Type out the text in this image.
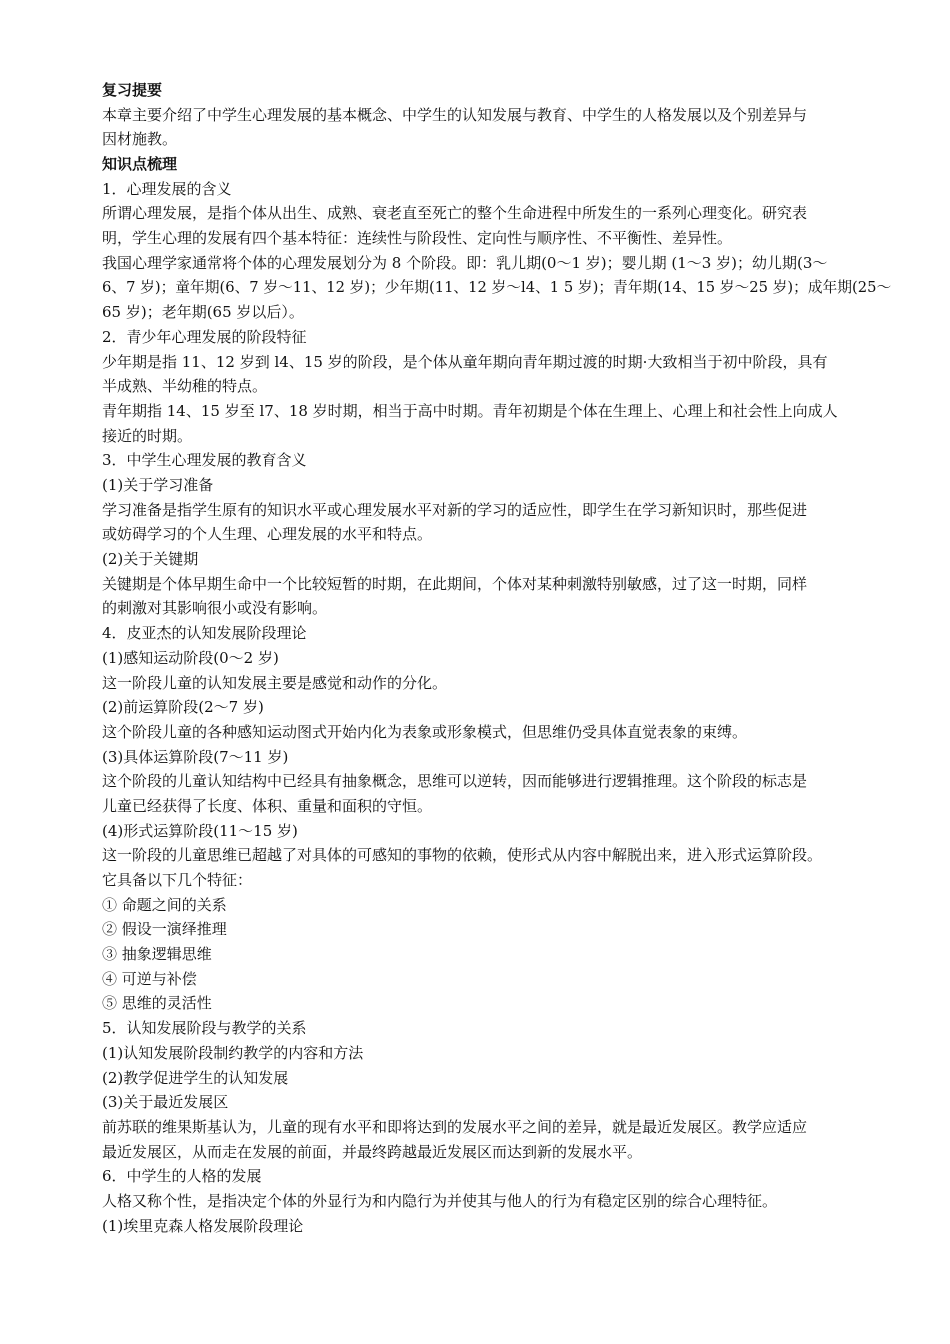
复习提要
本章主要介绍了中学生心理发展的基本概念、中学生的认知发展与教育、中学生的人格发展以及个别差异与
因材施教。
知识点梳理
1．心理发展的含义
所谓心理发展，是指个体从出生、成熟、衰老直至死亡的整个生命进程中所发生的一系列心理变化。研究表
明，学生心理的发展有四个基本特征：连续性与阶段性、定向性与顺序性、不平衡性、差异性。
我国心理学家通常将个体的心理发展划分为 8 个阶段。即：乳儿期(0～1 岁)；婴儿期 (1～3 岁)；幼儿期(3～
6、7 岁)；童年期(6、7 岁～11、12 岁)；少年期(11、12 岁～l4、1 5 岁)；青年期(14、15 岁～25 岁)；成年期(25～
65 岁)；老年期(65 岁以后）。
2．青少年心理发展的阶段特征
少年期是指 11、12 岁到 l4、15 岁的阶段，是个体从童年期向青年期过渡的时期·大致相当于初中阶段，具有
半成熟、半幼稚的特点。
青年期指 14、15 岁至 l7、18 岁时期，相当于高中时期。青年初期是个体在生理上、心理上和社会性上向成人
接近的时期。
3．中学生心理发展的教育含义
(1)关于学习准备
学习准备是指学生原有的知识水平或心理发展水平对新的学习的适应性，即学生在学习新知识时，那些促进
或妨碍学习的个人生理、心理发展的水平和特点。
(2)关于关键期
关键期是个体早期生命中一个比较短暂的时期，在此期间，个体对某种刺激特别敏感，过了这一时期，同样
的刺激对其影响很小或没有影响。
4．皮亚杰的认知发展阶段理论
(1)感知运动阶段(0～2 岁)
这一阶段儿童的认知发展主要是感觉和动作的分化。
(2)前运算阶段(2～7 岁)
这个阶段儿童的各种感知运动图式开始内化为表象或形象模式，但思维仍受具体直觉表象的束缚。
(3)具体运算阶段(7～11 岁)
这个阶段的儿童认知结构中已经具有抽象概念，思维可以逆转，因而能够进行逻辑推理。这个阶段的标志是
儿童已经获得了长度、体积、重量和面积的守恒。
(4)形式运算阶段(11～15 岁)
这一阶段的儿童思维已超越了对具体的可感知的事物的依赖，使形式从内容中解脱出来，进入形式运算阶段。
它具备以下几个特征：
① 命题之间的关系
② 假设一演绎推理
③ 抽象逻辑思维
④ 可逆与补偿
⑤ 思维的灵活性
5．认知发展阶段与教学的关系
(1)认知发展阶段制约教学的内容和方法
(2)教学促进学生的认知发展
(3)关于最近发展区
前苏联的维果斯基认为，儿童的现有水平和即将达到的发展水平之间的差异，就是最近发展区。教学应适应
最近发展区，从而走在发展的前面，并最终跨越最近发展区而达到新的发展水平。
6．中学生的人格的发展
人格又称个性，是指决定个体的外显行为和内隐行为并使其与他人的行为有稳定区别的综合心理特征。
(1)埃里克森人格发展阶段理论
